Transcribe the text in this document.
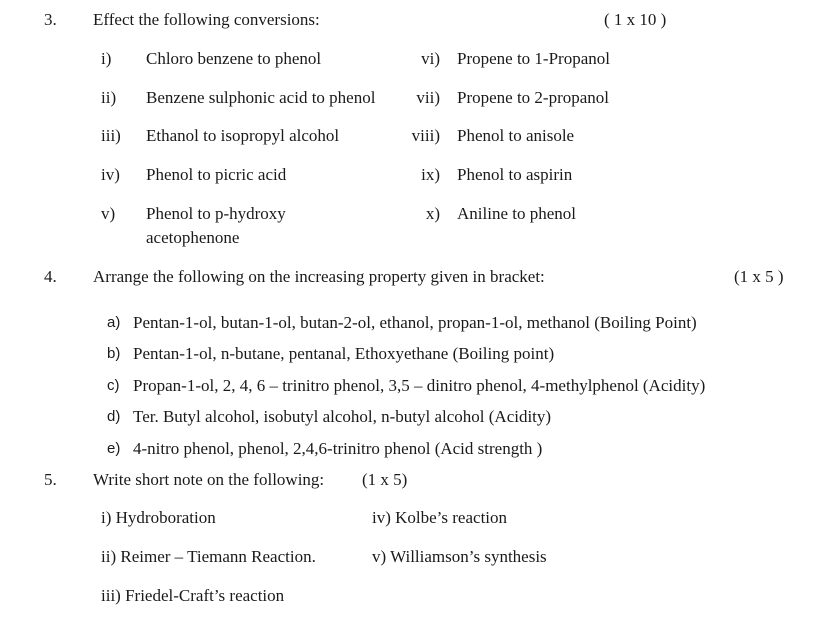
3. Effect the following conversions:	( 1 x 10 )
i) Chloro benzene to phenol
ii) Benzene sulphonic acid to phenol
iii) Ethanol to isopropyl alcohol
iv) Phenol to picric acid
v) Phenol to p-hydroxy
acetophenone
vi) Propene to 1-Propanol
vii) Propene to 2-propanol
viii) Phenol to anisole
ix) Phenol to aspirin
x) Aniline to phenol
4. Arrange the following on the increasing property given in bracket:	(1 x 5 )
a) Pentan-1-ol, butan-1-ol, butan-2-ol, ethanol, propan-1-ol, methanol (Boiling Point)
b) Pentan-1-ol, n-butane, pentanal, Ethoxyethane (Boiling point)
c) Propan-1-ol, 2, 4, 6 – trinitro phenol, 3,5 – dinitro phenol, 4-methylphenol (Acidity)
d) Ter. Butyl alcohol, isobutyl alcohol, n-butyl alcohol (Acidity)
e) 4-nitro phenol, phenol, 2,4,6-trinitro phenol (Acid strength )
5. Write short note on the following: (1 x 5)
i) Hydroboration
ii) Reimer – Tiemann Reaction.
iii) Friedel-Craft’s reaction
iv) Kolbe’s reaction
v) Williamson’s synthesis
